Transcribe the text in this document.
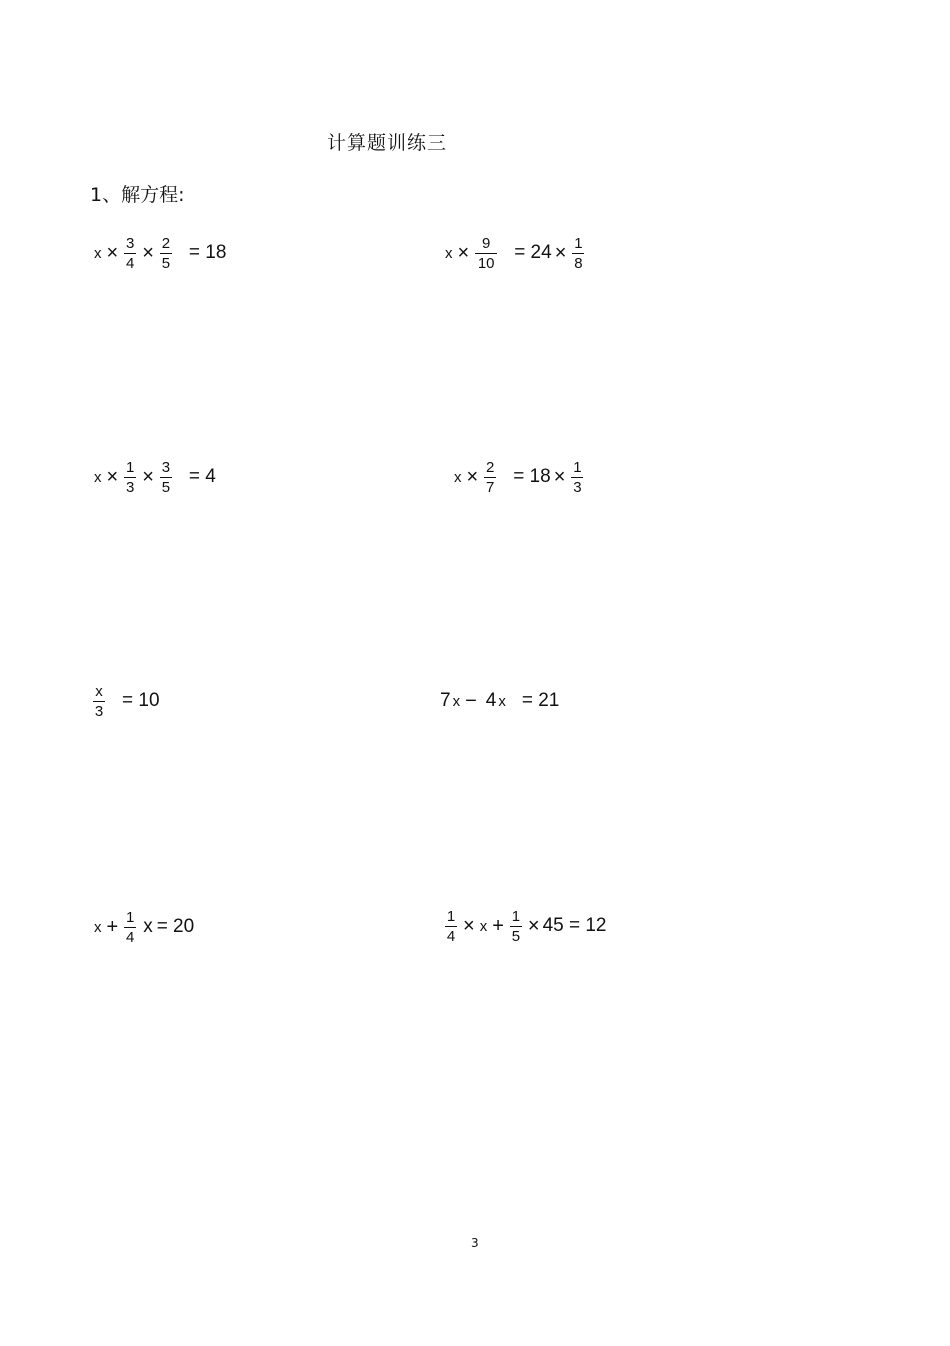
计算题训练三
1、解方程:
$x \times \frac{3}{4} \times \frac{2}{5} = 18$	$x \times \frac{9}{10} = 24 \times \frac{1}{8}$
$x \times \frac{1}{3} \times \frac{3}{5} = 4$	$x \times \frac{2}{7} = 18 \times \frac{1}{3}$
$\frac{x}{3} = 10$	7 x − 4 x = 21
$x + \frac{1}{4}$ x = 20	$\frac{1}{4} \times x + \frac{1}{5} \times 45 = 12$
3
